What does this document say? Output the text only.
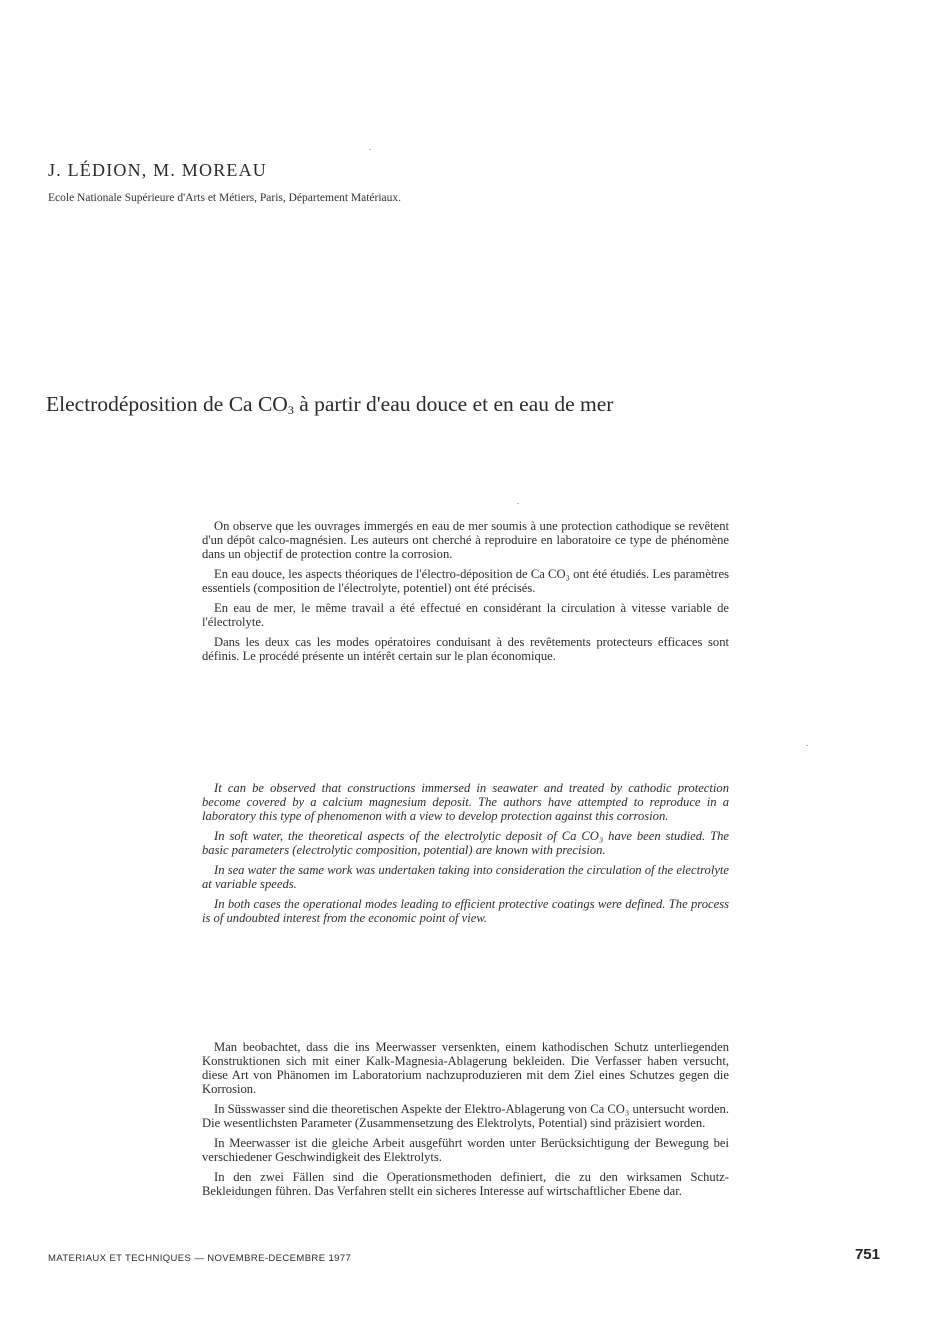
J. LÉDION, M. MOREAU
Ecole Nationale Supérieure d'Arts et Métiers, Paris, Département Matériaux.
Electrodéposition de Ca $CO_3$ à partir d'eau douce et en eau de mer

On observe que les ouvrages immergés en eau de mer soumis à une protection cathodique se revêtent d'un dépôt calco-magnésien. Les auteurs ont cherché à reproduire en laboratoire ce type de phénomène dans un objectif de protection contre la corrosion.

En eau douce, les aspects théoriques de l'électro-déposition de Ca CO₃ ont été étudiés. Les paramètres essentiels (composition de l'électrolyte, potentiel) ont été précisés.

En eau de mer, le même travail a été effectué en considérant la circulation à vitesse variable de l'électrolyte.

Dans les deux cas les modes opératoires conduisant à des revêtements protecteurs efficaces sont définis. Le procédé présente un intérêt certain sur le plan économique.

It can be observed that constructions immersed in seawater and treated by cathodic protection become covered by a calcium magnesium deposit. The authors have attempted to reproduce in a laboratory this type of phenomenon with a view to develop protection against this corrosion.

In soft water, the theoretical aspects of the electrolytic deposit of Ca CO₃ have been studied. The basic parameters (electrolytic composition, potential) are known with precision.

In sea water the same work was undertaken taking into consideration the circulation of the electrolyte at variable speeds.

In both cases the operational modes leading to efficient protective coatings were defined. The process is of undoubted interest from the economic point of view.

Man beobachtet, dass die ins Meerwasser versenkten, einem kathodischen Schutz unterliegenden Konstruktionen sich mit einer Kalk-Magnesia-Ablagerung bekleiden. Die Verfasser haben versucht, diese Art von Phänomen im Laboratorium nachzuproduzieren mit dem Ziel eines Schutzes gegen die Korrosion.

In Süsswasser sind die theoretischen Aspekte der Elektro-Ablagerung von Ca CO₃ untersucht worden. Die wesentlichsten Parameter (Zusammensetzung des Elektrolyts, Potential) sind präzisiert worden.

In Meerwasser ist die gleiche Arbeit ausgeführt worden unter Berücksichtigung der Bewegung bei verschiedener Geschwindigkeit des Elektrolyts.

In den zwei Fällen sind die Operationsmethoden definiert, die zu den wirksamen Schutz-Bekleidungen führen. Das Verfahren stellt ein sicheres Interesse auf wirtschaftlicher Ebene dar.

MATERIAUX ET TECHNIQUES — NOVEMBRE-DECEMBRE 1977	751
